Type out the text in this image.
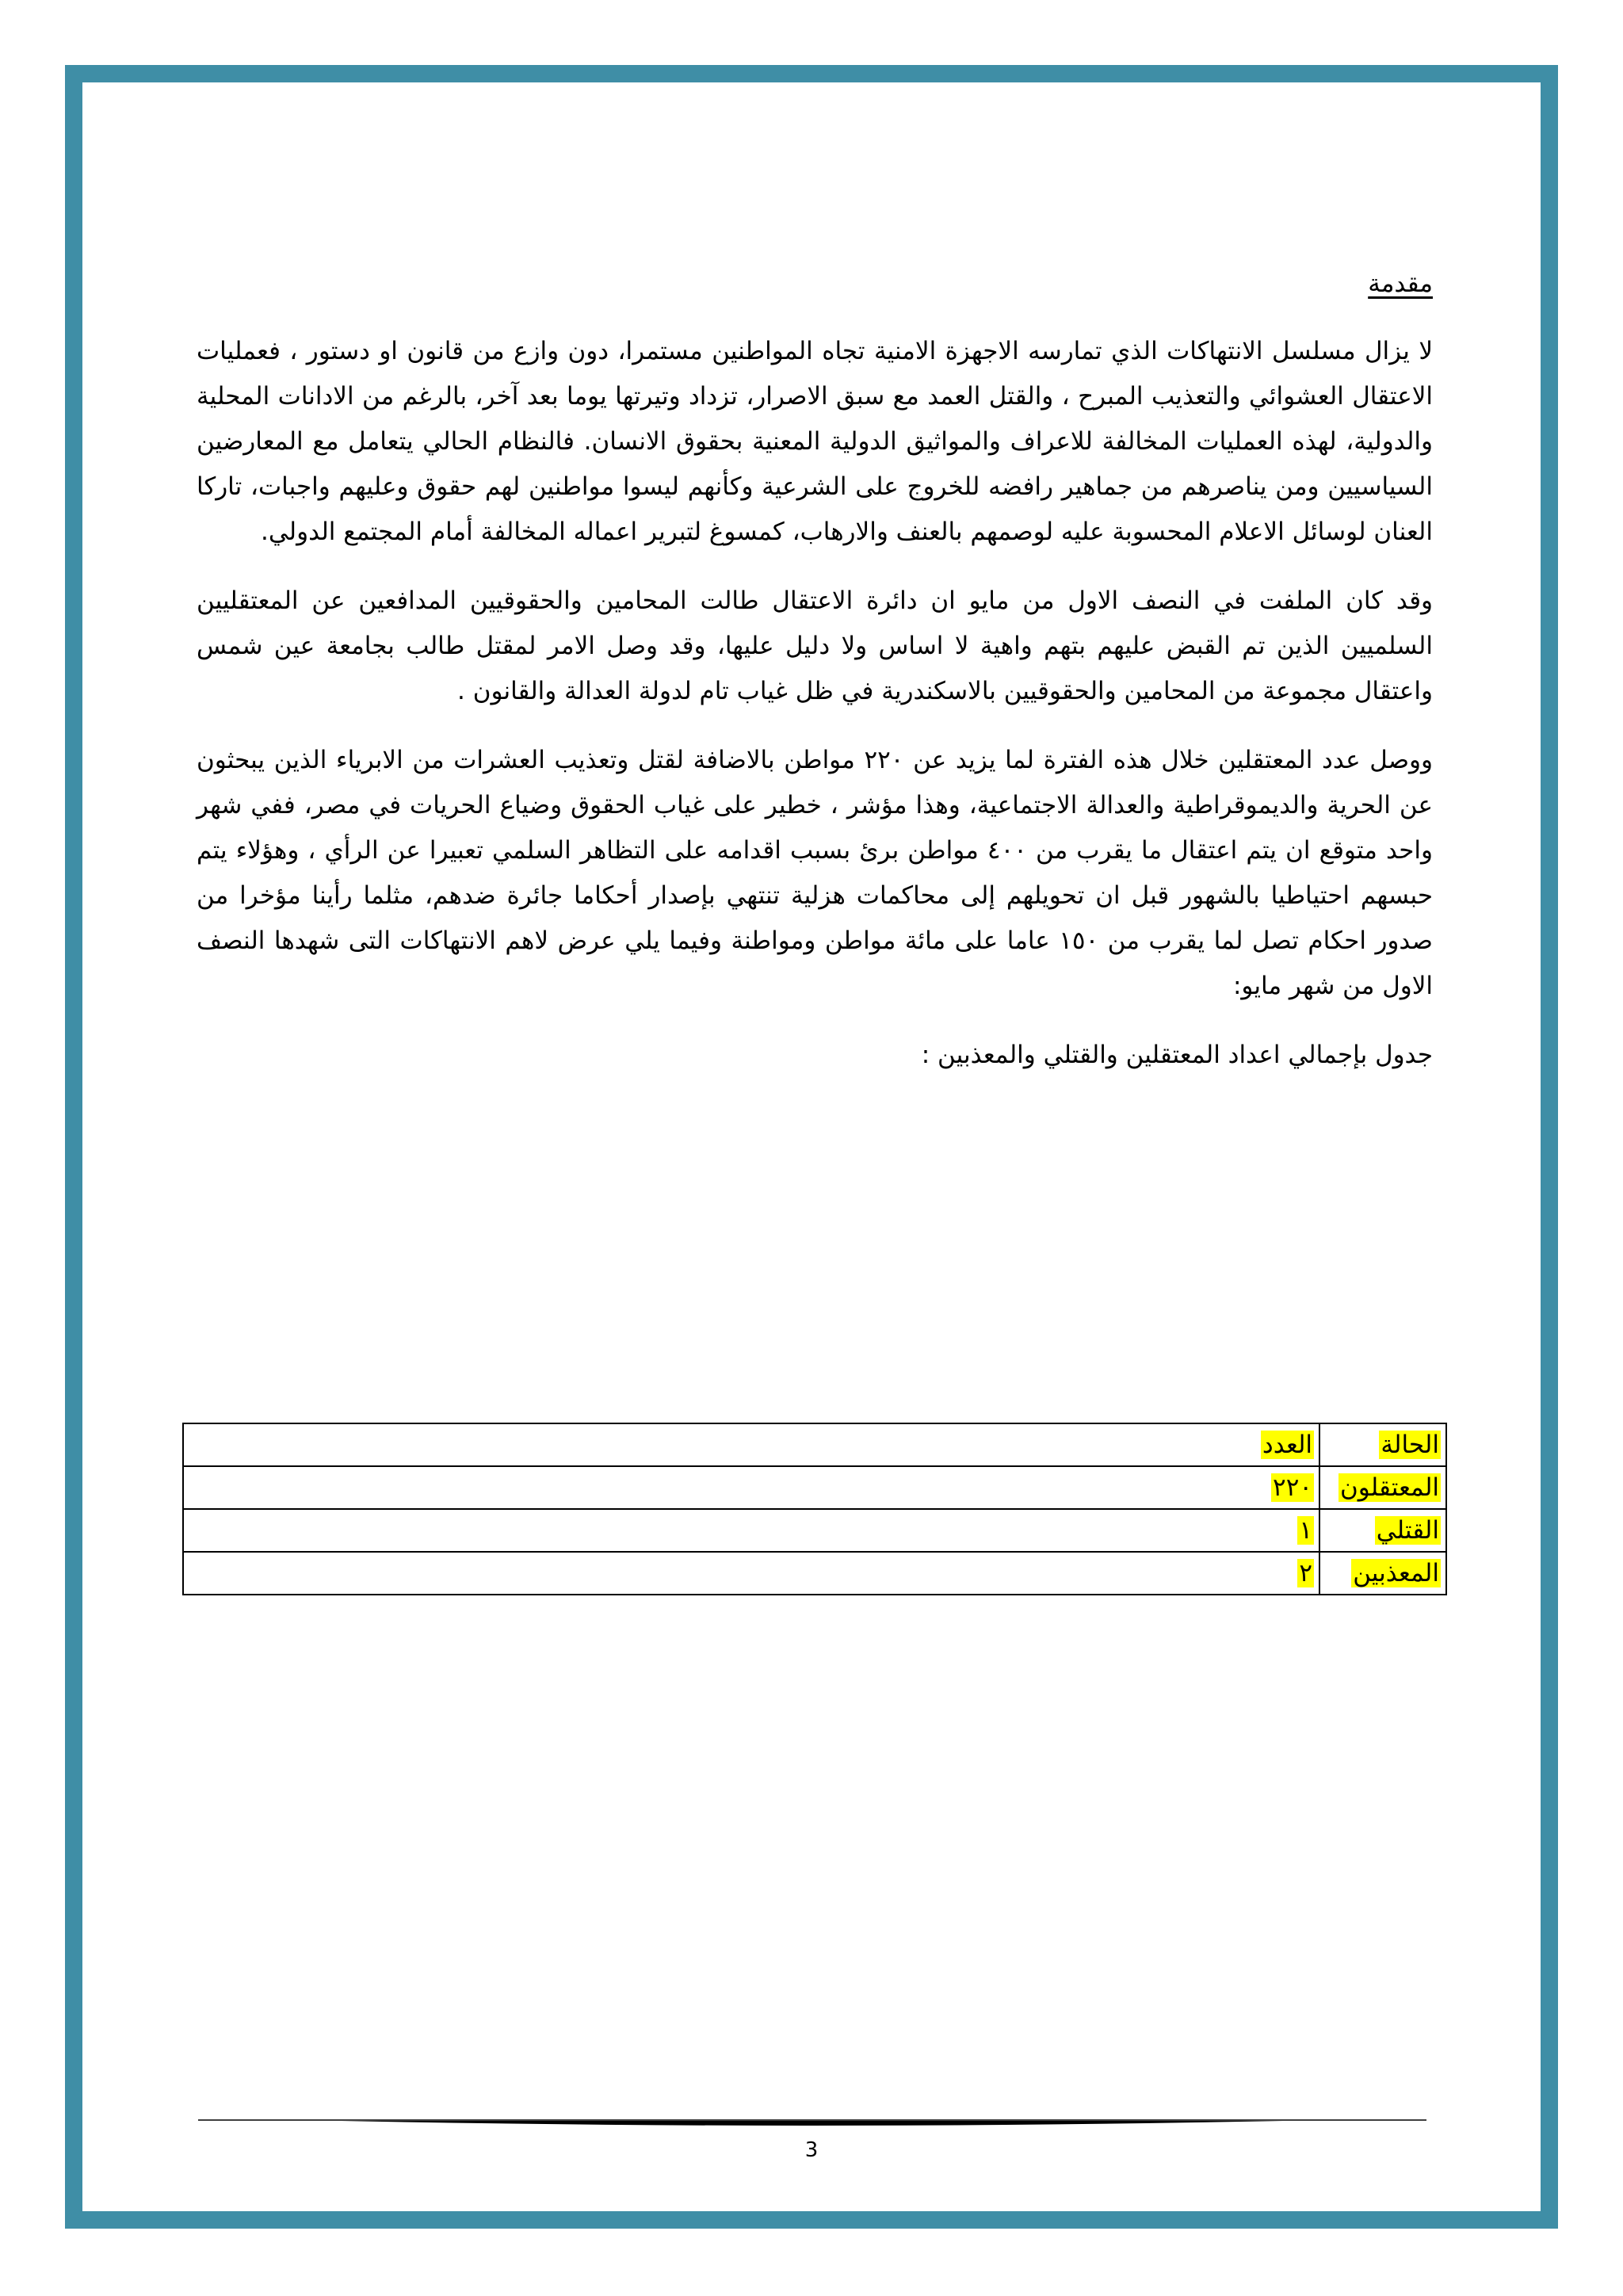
مقدمة

لا يزال مسلسل الانتهاكات الذي تمارسه الاجهزة الامنية تجاه المواطنين مستمرا، دون وازع من قانون او دستور ، فعمليات الاعتقال العشوائي والتعذيب المبرح ، والقتل العمد مع سبق الاصرار، تزداد وتيرتها يوما بعد آخر، بالرغم من الادانات المحلية والدولية، لهذه العمليات المخالفة للاعراف والمواثيق الدولية المعنية بحقوق الانسان. فالنظام الحالي يتعامل مع المعارضين السياسيين ومن يناصرهم من جماهير رافضه للخروج على الشرعية وكأنهم ليسوا مواطنين لهم حقوق وعليهم واجبات، تاركا العنان لوسائل الاعلام المحسوبة عليه لوصمهم بالعنف والارهاب، كمسوغ لتبرير اعماله المخالفة أمام المجتمع الدولي.

وقد كان الملفت في النصف الاول من مايو ان دائرة الاعتقال طالت المحامين والحقوقيين المدافعين عن المعتقليين السلميين الذين تم القبض عليهم بتهم واهية لا اساس ولا دليل عليها، وقد وصل الامر لمقتل طالب بجامعة عين شمس واعتقال مجموعة من المحامين والحقوقيين بالاسكندرية في ظل غياب تام لدولة العدالة والقانون .

ووصل عدد المعتقلين خلال هذه الفترة لما يزيد عن ٢٢٠ مواطن بالاضافة لقتل وتعذيب العشرات من الابرياء الذين يبحثون عن الحرية والديموقراطية والعدالة الاجتماعية، وهذا مؤشر ، خطير على غياب الحقوق وضياع الحريات في مصر، ففي شهر واحد متوقع ان يتم اعتقال ما يقرب من ٤٠٠ مواطن برئ بسبب اقدامه على التظاهر السلمي تعبيرا عن الرأي ، وهؤلاء يتم حبسهم احتياطيا بالشهور قبل ان تحويلهم إلى محاكمات هزلية تنتهي بإصدار أحكاما جائرة ضدهم، مثلما رأينا مؤخرا من صدور احكام تصل لما يقرب من ١٥٠ عاما على مائة مواطن ومواطنة وفيما يلي عرض لاهم الانتهاكات التى شهدها النصف الاول من شهر مايو:

جدول بإجمالي اعداد المعتقلين والقتلي والمعذبين :

الحالة	العدد
المعتقلون	٢٢٠
القتلي	١
المعذبين	٢
3
